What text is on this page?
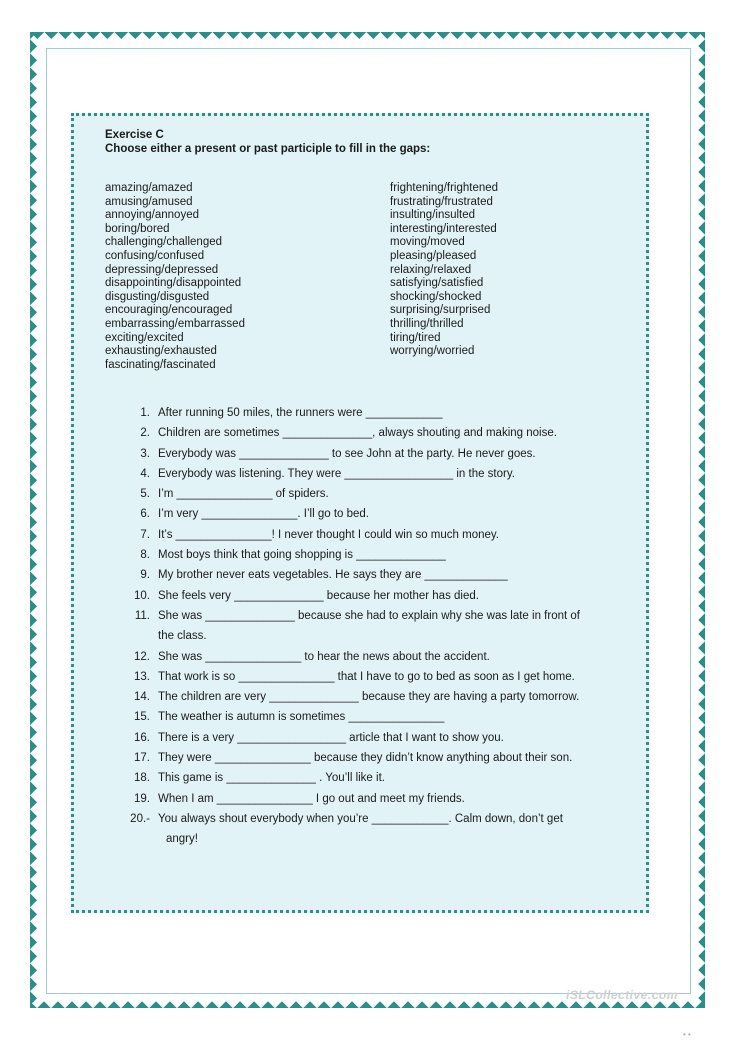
Exercise C
Choose either a present or past participle to fill in the gaps:
amazing/amazed
amusing/amused
annoying/annoyed
boring/bored
challenging/challenged
confusing/confused
depressing/depressed
disappointing/disappointed
disgusting/disgusted
encouraging/encouraged
embarrassing/embarrassed
exciting/excited
exhausting/exhausted
fascinating/fascinated
frightening/frightened
frustrating/frustrated
insulting/insulted
interesting/interested
moving/moved
pleasing/pleased
relaxing/relaxed
satisfying/satisfied
shocking/shocked
surprising/surprised
thrilling/thrilled
tiring/tired
worrying/worried
1. After running 50 miles, the runners were ____________
2. Children are sometimes ______________, always shouting and making noise.
3. Everybody was ______________ to see John at the party. He never goes.
4. Everybody was listening. They were _________________ in the story.
5. I’m _______________ of spiders.
6. I’m very _______________. I’ll go to bed.
7. It’s _______________! I never thought I could win so much money.
8. Most boys think that going shopping is ______________
9. My brother never eats vegetables. He says they are _____________
10. She feels very ______________ because her mother has died.
11. She was ______________ because she had to explain why she was late in front of
the class.
12. She was _______________ to hear the news about the accident.
13. That work is so _______________ that I have to go to bed as soon as I get home.
14. The children are very ______________ because they are having a party tomorrow.
15. The weather is autumn is sometimes _______________
16. There is a very _________________ article that I want to show you.
17. They were _______________ because they didn’t know anything about their son.
18. This game is ______________ . You’ll like it.
19. When I am _______________ I go out and meet my friends.
20.- You always shout everybody when you’re ____________. Calm down, don’t get
angry!
iSLCollective.com
• •
